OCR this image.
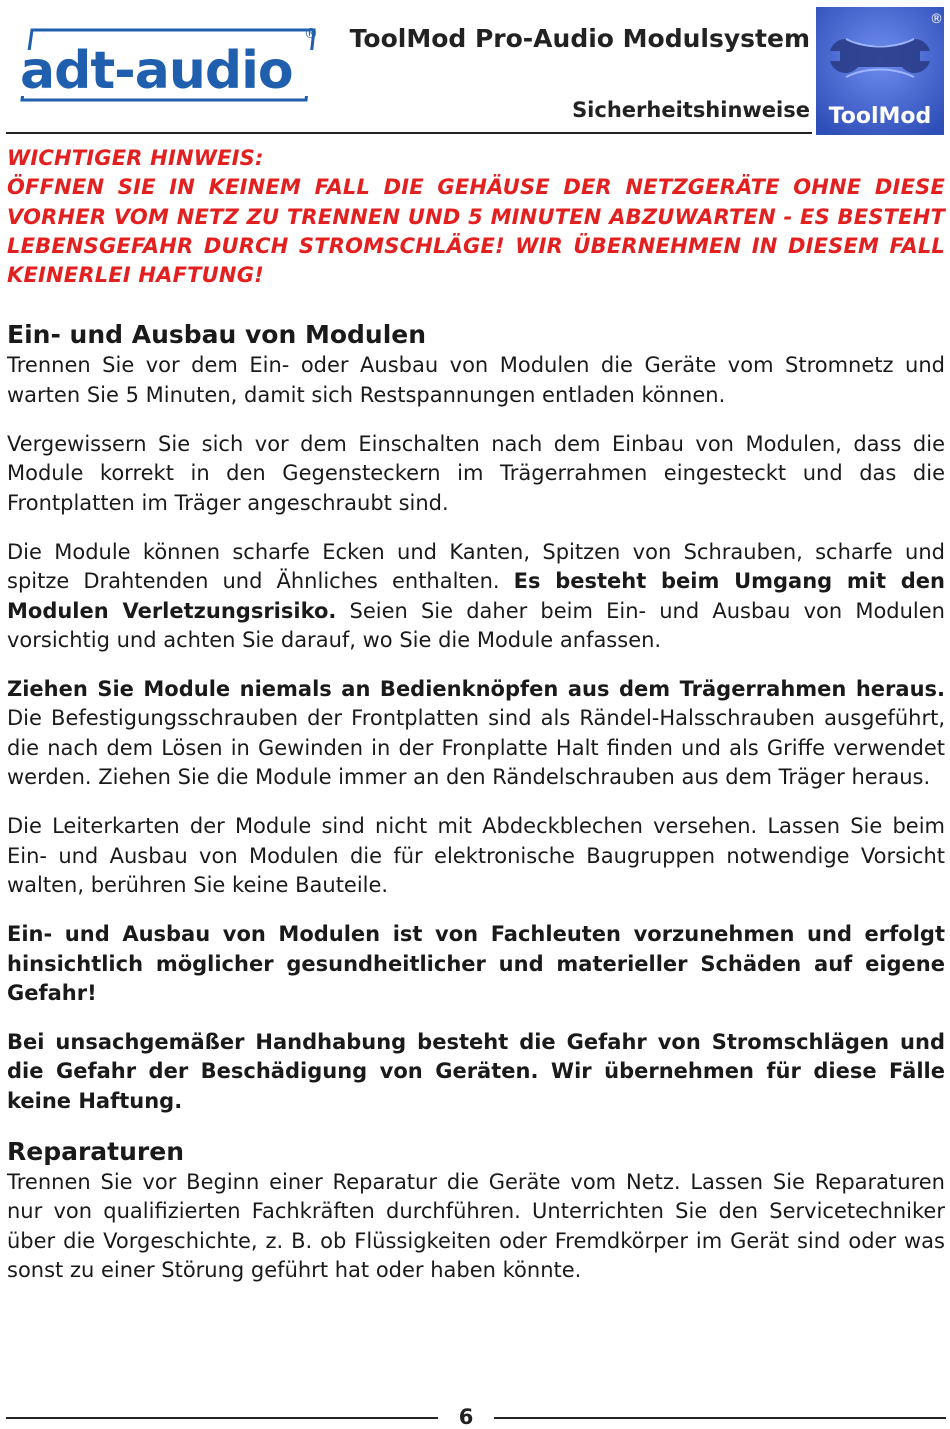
adt-audio
® ToolMod Pro-Audio Modulsystem
Sicherheitshinweise ToolMod
®

WICHTIGER HINWEIS:

ÖFFNEN SIE IN KEINEM FALL DIE GEHÄUSE DER NETZGERÄTE OHNE DIESE VORHER VOM NETZ ZU TRENNEN UND 5 MINUTEN ABZUWARTEN - ES BESTEHT LEBENSGEFAHR DURCH STROMSCHLÄGE! WIR ÜBERNEHMEN IN DIESEM FALL KEINERLEI HAFTUNG!

Ein- und Ausbau von Modulen

Trennen Sie vor dem Ein- oder Ausbau von Modulen die Geräte vom Stromnetz und warten Sie 5 Minuten, damit sich Restspannungen entladen können.

Vergewissern Sie sich vor dem Einschalten nach dem Einbau von Modulen, dass die Module korrekt in den Gegensteckern im Trägerrahmen eingesteckt und das die Frontplatten im Träger angeschraubt sind.

Die Module können scharfe Ecken und Kanten, Spitzen von Schrauben, scharfe und spitze Drahtenden und Ähnliches enthalten. Es besteht beim Umgang mit den Modulen Verletzungsrisiko. Seien Sie daher beim Ein- und Ausbau von Modulen vorsichtig und achten Sie darauf, wo Sie die Module anfassen.

Ziehen Sie Module niemals an Bedienknöpfen aus dem Trägerrahmen heraus. Die Befestigungsschrauben der Frontplatten sind als Rändel-Halsschrauben ausgeführt, die nach dem Lösen in Gewinden in der Fronplatte Halt finden und als Griffe verwendet werden. Ziehen Sie die Module immer an den Rändelschrauben aus dem Träger heraus.

Die Leiterkarten der Module sind nicht mit Abdeckblechen versehen. Lassen Sie beim Ein- und Ausbau von Modulen die für elektronische Baugruppen notwendige Vorsicht walten, berühren Sie keine Bauteile.

Ein- und Ausbau von Modulen ist von Fachleuten vorzunehmen und erfolgt hinsichtlich möglicher gesundheitlicher und materieller Schäden auf eigene Gefahr!

Bei unsachgemäßer Handhabung besteht die Gefahr von Stromschlägen und die Gefahr der Beschädigung von Geräten. Wir übernehmen für diese Fälle keine Haftung.

Reparaturen

Trennen Sie vor Beginn einer Reparatur die Geräte vom Netz. Lassen Sie Reparaturen nur von qualifizierten Fachkräften durchführen. Unterrichten Sie den Servicetechniker über die Vorgeschichte, z. B. ob Flüssigkeiten oder Fremdkörper im Gerät sind oder was sonst zu einer Störung geführt hat oder haben könnte.

6
